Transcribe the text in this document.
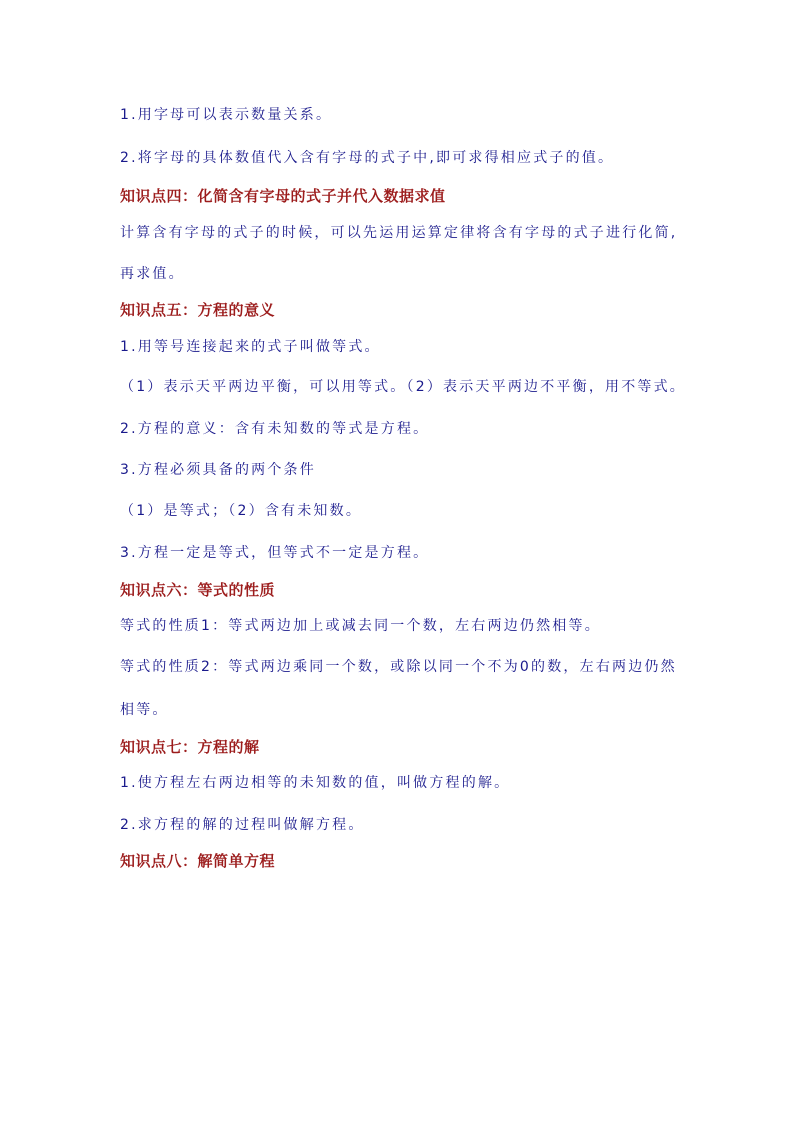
1.用字母可以表示数量关系。
2.将字母的具体数值代入含有字母的式子中,即可求得相应式子的值。
知识点四：化简含有字母的式子并代入数据求值
计算含有字母的式子的时候，可以先运用运算定律将含有字母的式子进行化简,
再求值。
知识点五：方程的意义
1.用等号连接起来的式子叫做等式。
（1）表示天平两边平衡，可以用等式。（2）表示天平两边不平衡，用不等式。
2.方程的意义：含有未知数的等式是方程。
3.方程必须具备的两个条件
（1）是等式；（2）含有未知数。
3.方程一定是等式，但等式不一定是方程。
知识点六：等式的性质
等式的性质1：等式两边加上或减去同一个数，左右两边仍然相等。
等式的性质2：等式两边乘同一个数，或除以同一个不为0的数，左右两边仍然
相等。
知识点七：方程的解
1.使方程左右两边相等的未知数的值，叫做方程的解。
2.求方程的解的过程叫做解方程。
知识点八：解简单方程
